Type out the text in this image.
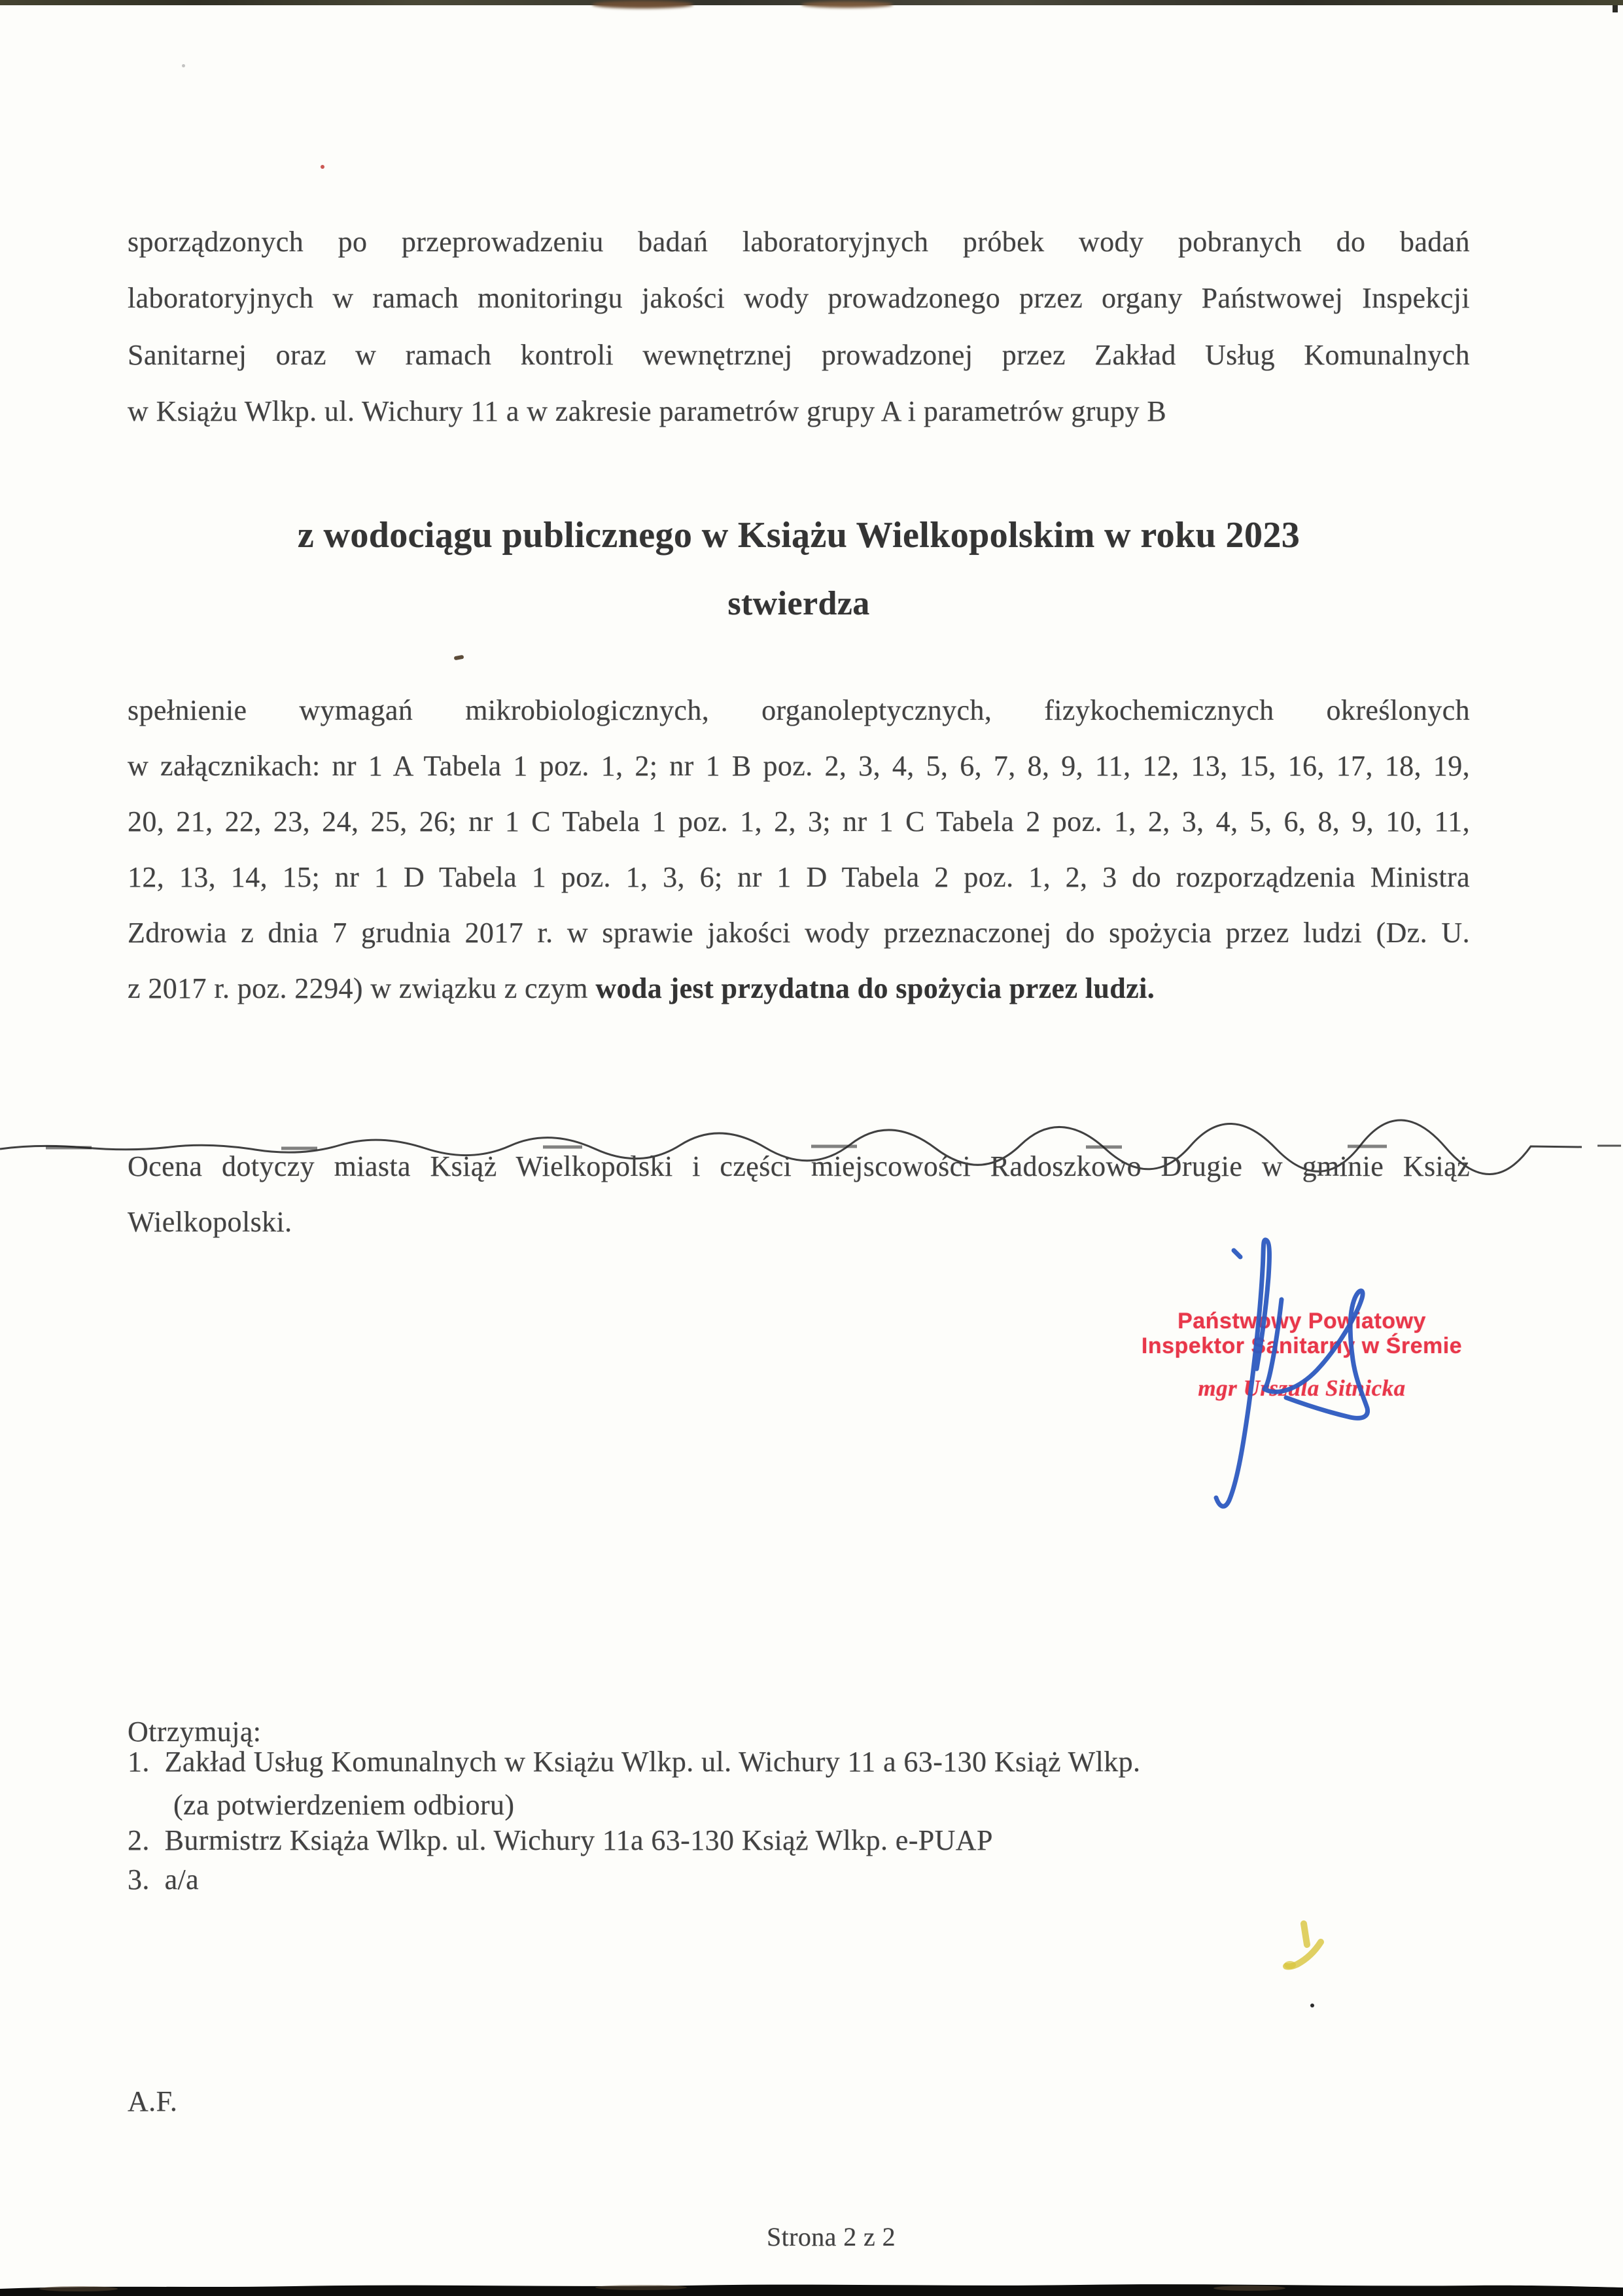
sporządzonych po przeprowadzeniu badań laboratoryjnych próbek wody pobranych do badań
laboratoryjnych w ramach monitoringu jakości wody prowadzonego przez organy Państwowej Inspekcji
Sanitarnej oraz w ramach kontroli wewnętrznej prowadzonej przez Zakład Usług Komunalnych
w Książu Wlkp. ul. Wichury 11 a w zakresie parametrów grupy A i parametrów grupy B
z wodociągu publicznego w Książu Wielkopolskim w roku 2023
stwierdza
spełnienie wymagań mikrobiologicznych, organoleptycznych, fizykochemicznych określonych
w załącznikach: nr 1 A Tabela 1 poz. 1, 2; nr 1 B poz. 2, 3, 4, 5, 6, 7, 8, 9, 11, 12, 13, 15, 16, 17, 18, 19,
20, 21, 22, 23, 24, 25, 26; nr 1 C Tabela 1 poz. 1, 2, 3; nr 1 C Tabela 2 poz. 1, 2, 3, 4, 5, 6, 8, 9, 10, 11,
12, 13, 14, 15; nr 1 D Tabela 1 poz. 1, 3, 6; nr 1 D Tabela 2 poz. 1, 2, 3 do rozporządzenia Ministra
Zdrowia z dnia 7 grudnia 2017 r. w sprawie jakości wody przeznaczonej do spożycia przez ludzi (Dz. U.
z 2017 r. poz. 2294) w związku z czym woda jest przydatna do spożycia przez ludzi.
Ocena dotyczy miasta Książ Wielkopolski i części miejscowości Radoszkowo Drugie w gminie Książ
Wielkopolski.
Państwowy Powiatowy
Inspektor Sanitarny w Śremie
mgr Urszula Sitnicka
Otrzymują:
1. Zakład Usług Komunalnych w Książu Wlkp. ul. Wichury 11 a 63-130 Książ Wlkp.
(za potwierdzeniem odbioru)
2. Burmistrz Książa Wlkp. ul. Wichury 11a 63-130 Książ Wlkp. e-PUAP
3. a/a
A.F.
Strona 2 z 2
